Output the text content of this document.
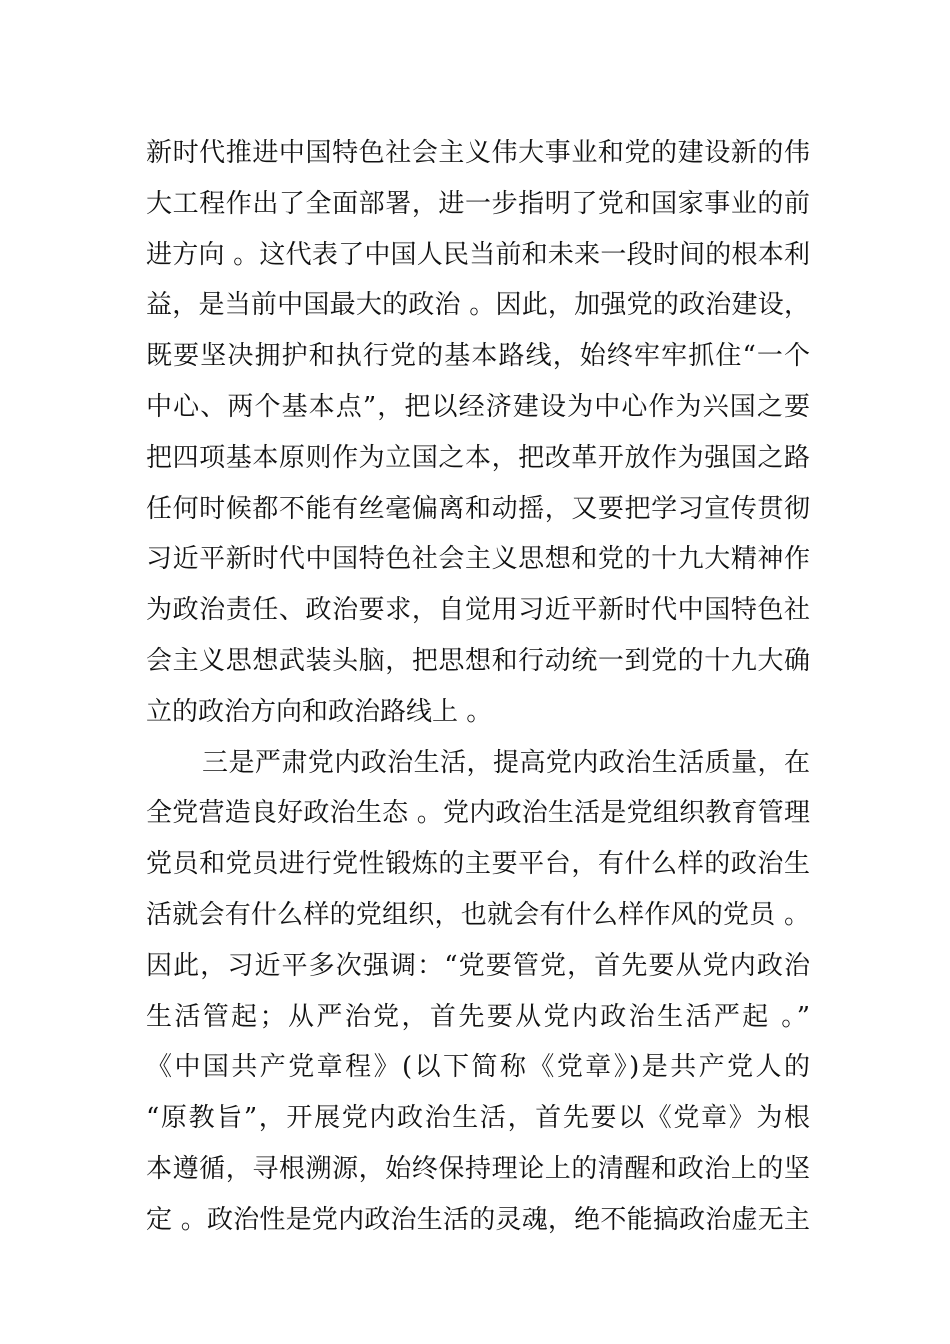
新时代推进中国特色社会主义伟大事业和党的建设新的伟
大工程作出了全面部署，进一步指明了党和国家事业的前
进方向 。这代表了中国人民当前和未来一段时间的根本利
益，是当前中国最大的政治 。因此，加强党的政治建设，
既要坚决拥护和执行党的基本路线，始终牢牢抓住“一个
中心、两个基本点”，把以经济建设为中心作为兴国之要
把四项基本原则作为立国之本，把改革开放作为强国之路
任何时候都不能有丝毫偏离和动摇，又要把学习宣传贯彻
习近平新时代中国特色社会主义思想和党的十九大精神作
为政治责任、政治要求，自觉用习近平新时代中国特色社
会主义思想武装头脑，把思想和行动统一到党的十九大确
立的政治方向和政治路线上 。
三是严肃党内政治生活，提高党内政治生活质量，在
全党营造良好政治生态 。党内政治生活是党组织教育管理
党员和党员进行党性锻炼的主要平台，有什么样的政治生
活就会有什么样的党组织，也就会有什么样作风的党员 。
因此，习近平多次强调：“党要管党，首先要从党内政治
生活管起；从严治党，首先要从党内政治生活严起 。”
《中国共产党章程》(以下简称《党章》)是共产党人的
“原教旨”，开展党内政治生活，首先要以《党章》为根
本遵循，寻根溯源，始终保持理论上的清醒和政治上的坚
定 。政治性是党内政治生活的灵魂，绝不能搞政治虚无主
